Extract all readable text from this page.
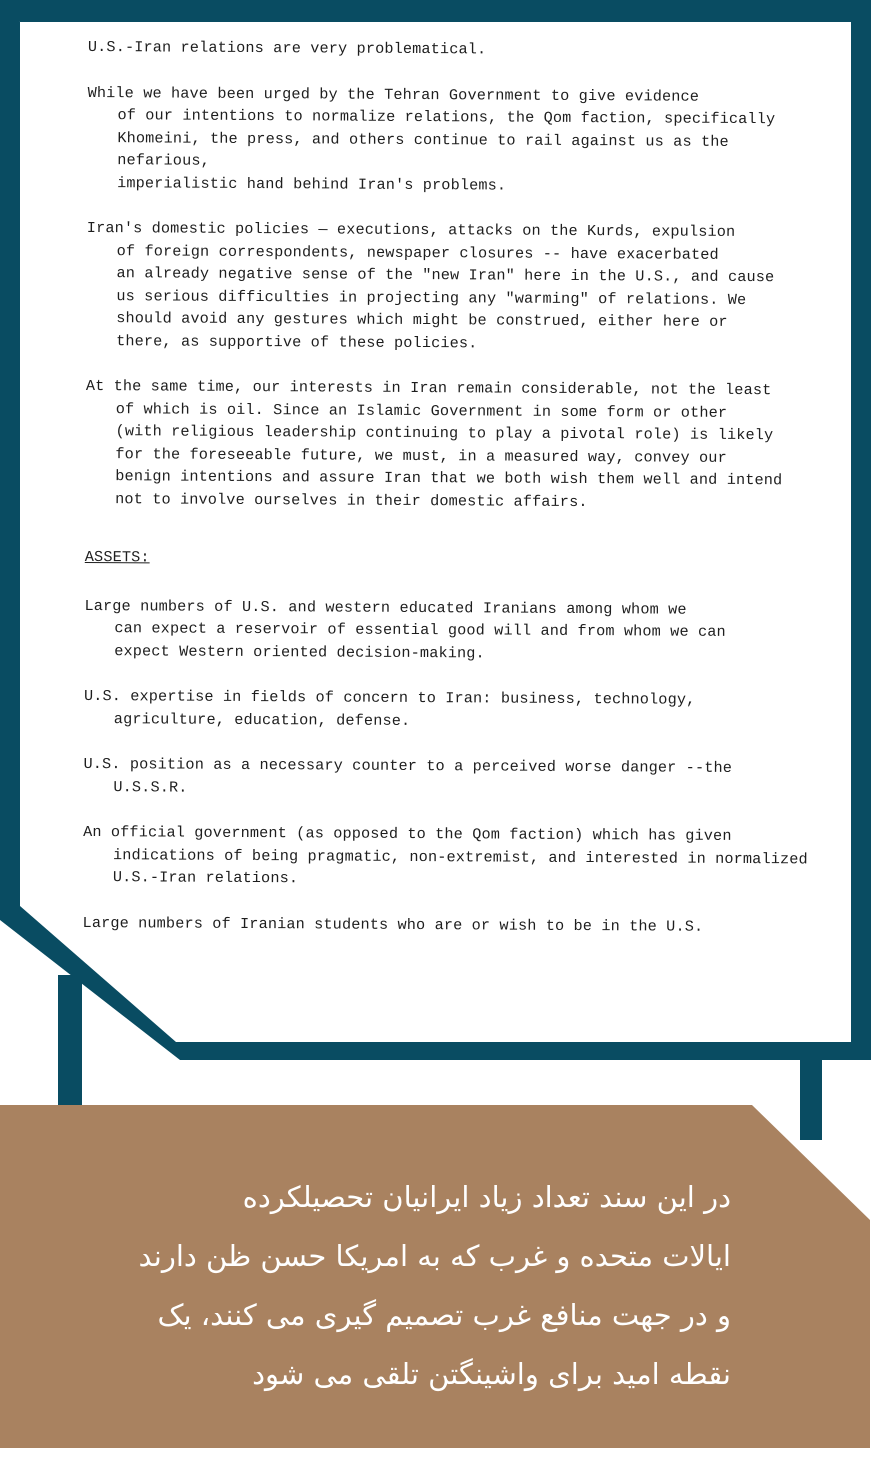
U.S.-Iran relations are very problematical.
While we have been urged by the Tehran Government to give evidence
of our intentions to normalize relations, the Qom faction, specifically
Khomeini, the press, and others continue to rail against us as the nefarious,
imperialistic hand behind Iran's problems.
Iran's domestic policies — executions, attacks on the Kurds, expulsion
of foreign correspondents, newspaper closures -- have exacerbated
an already negative sense of the "new Iran" here in the U.S., and cause
us serious difficulties in projecting any "warming" of relations. We
should avoid any gestures which might be construed, either here or
there, as supportive of these policies.
At the same time, our interests in Iran remain considerable, not the least
of which is oil. Since an Islamic Government in some form or other
(with religious leadership continuing to play a pivotal role) is likely
for the foreseeable future, we must, in a measured way, convey our
benign intentions and assure Iran that we both wish them well and intend
not to involve ourselves in their domestic affairs.
ASSETS:
Large numbers of U.S. and western educated Iranians among whom we
can expect a reservoir of essential good will and from whom we can
expect Western oriented decision-making.
U.S. expertise in fields of concern to Iran: business, technology,
agriculture, education, defense.
U.S. position as a necessary counter to a perceived worse danger --the
U.S.S.R.
An official government (as opposed to the Qom faction) which has given
indications of being pragmatic, non-extremist, and interested in normalized
U.S.-Iran relations.
Large numbers of Iranian students who are or wish to be in the U.S.
در این سند تعداد زیاد ایرانیان تحصیلکرده
ایالات متحده و غرب که به امریکا حسن ظن دارند
و در جهت منافع غرب تصمیم گیری می کنند، یک
نقطه امید برای واشینگتن تلقی می شود
